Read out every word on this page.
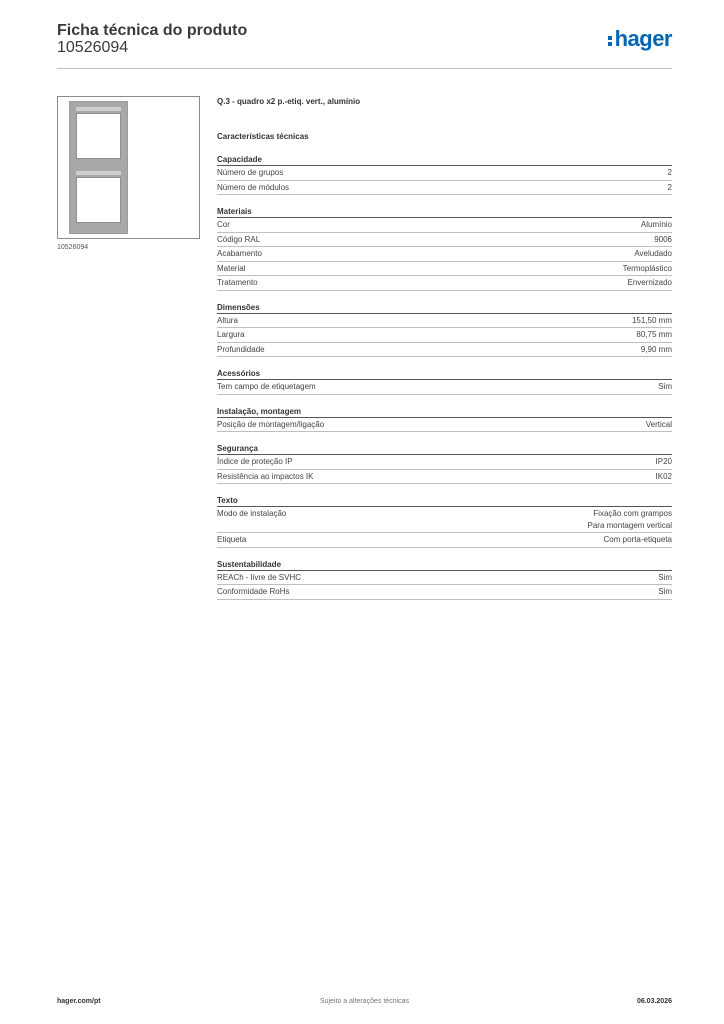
Ficha técnica do produto
10526094	hager
10526094
Q.3 - quadro x2 p.-etiq. vert., alumínio
Características técnicas
Capacidade
Número de grupos	2
Número de módulos	2
Materiais
Cor	Alumínio
Código RAL	9006
Acabamento	Aveludado
Material	Termoplástico
Tratamento	Envernizado
Dimensões
Altura	151,50 mm
Largura	80,75 mm
Profundidade	9,90 mm
Acessórios
Tem campo de etiquetagem	Sim
Instalação, montagem
Posição de montagem/ligação	Vertical
Segurança
Índice de proteção IP	IP20
Resistência ao impactos IK	IK02
Texto
Modo de instalação	Fixação com grampos
Para montagem vertical
Etiqueta	Com porta-etiqueta
Sustentabilidade
REACh - livre de SVHC	Sim
Conformidade RoHs	Sim
hager.com/pt	Sujeito a alterações técnicas	06.03.2026
